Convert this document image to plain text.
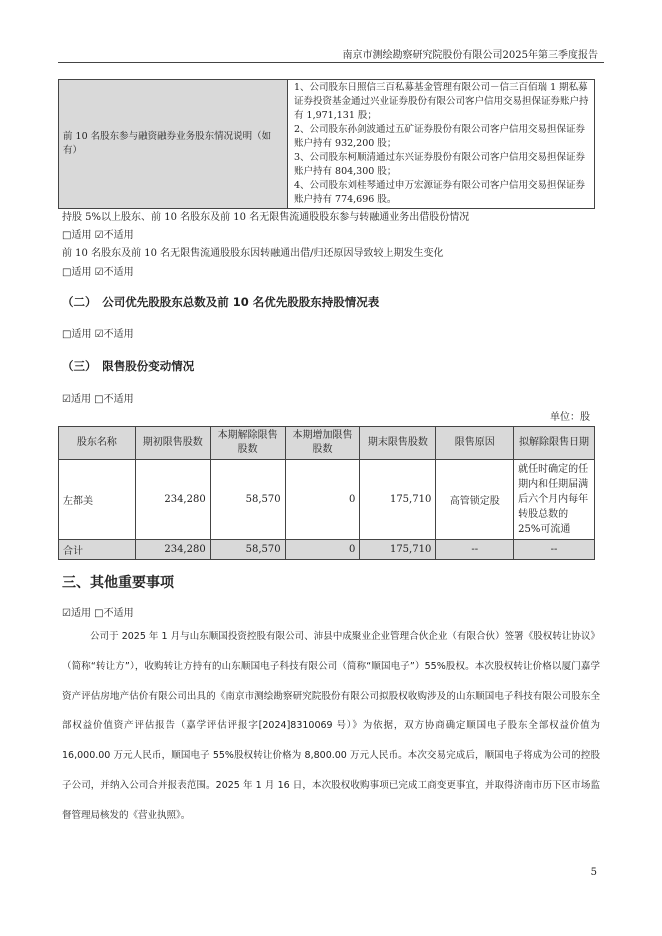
南京市测绘勘察研究院股份有限公司2025年第三季度报告
前 10 名股东参与融资融券业务股东情况说明（如有）	
1、公司股东日照信三百私募基金管理有限公司－信三百佰瑞 1 期私募证券投资基金通过兴业证券股份有限公司客户信用交易担保证券账户持有 1,971,131 股；
2、公司股东孙剑波通过五矿证券股份有限公司客户信用交易担保证券账户持有 932,200 股；
3、公司股东柯顺清通过东兴证券股份有限公司客户信用交易担保证券账户持有 804,300 股；
4、公司股东刘桂琴通过申万宏源证券有限公司客户信用交易担保证券账户持有 774,696 股。
持股 5%以上股东、前 10 名股东及前 10 名无限售流通股股东参与转融通业务出借股份情况
□适用 ☑不适用
前 10 名股东及前 10 名无限售流通股股东因转融通出借/归还原因导致较上期发生变化
□适用 ☑不适用
（二）　公司优先股股东总数及前 10 名优先股股东持股情况表
□适用 ☑不适用
（三）　限售股份变动情况
☑适用 □不适用
单位：股
股东名称	期初限售股数	本期解除限售股数	本期增加限售股数	期末限售股数	限售原因	拟解除限售日期
左都美	234,280	58,570	0	175,710	高管锁定股	就任时确定的任期内和任期届满后六个月内每年转股总数的 25%可流通
合计	234,280	58,570	0	175,710	--	--
三、其他重要事项
☑适用 □不适用
公司于 2025 年 1 月与山东顺国投资控股有限公司、沛县中成聚业企业管理合伙企业（有限合伙）签署《股权转让协议》（简称“转让方”），收购转让方持有的山东顺国电子科技有限公司（简称“顺国电子”）55%股权。本次股权转让价格以厦门嘉学资产评估房地产估价有限公司出具的《南京市测绘勘察研究院股份有限公司拟股权收购涉及的山东顺国电子科技有限公司股东全部权益价值资产评估报告（嘉学评估评报字[2024]8310069 号）》为依据，双方协商确定顺国电子股东全部权益价值为 16,000.00 万元人民币，顺国电子 55%股权转让价格为 8,800.00 万元人民币。本次交易完成后，顺国电子将成为公司的控股子公司，并纳入公司合并报表范围。2025 年 1 月 16 日，本次股权收购事项已完成工商变更事宜，并取得济南市历下区市场监督管理局核发的《营业执照》。
5
